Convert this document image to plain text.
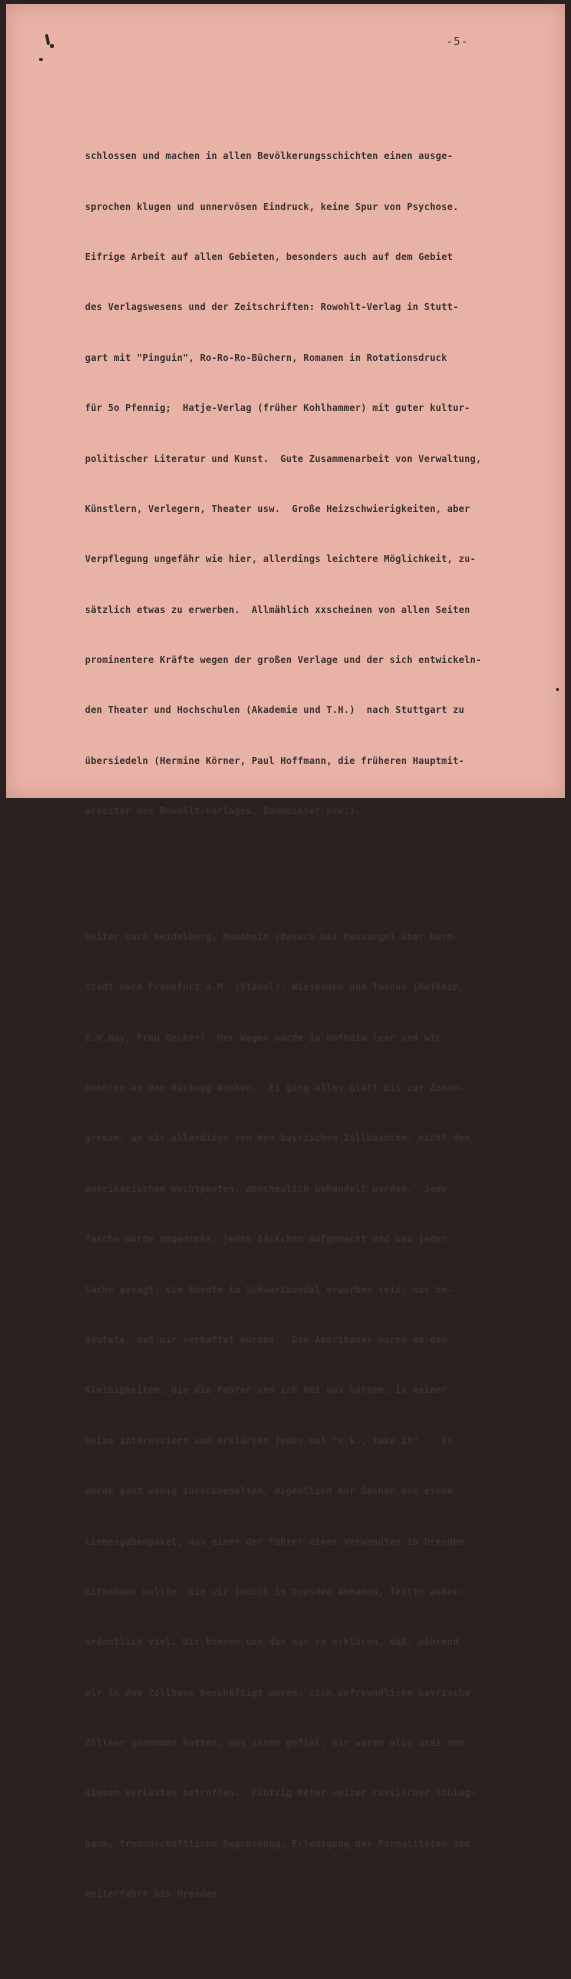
-5-

schlossen und machen in allen Bevölkerungsschichten einen ausge-

sprochen klugen und unnervösen Eindruck, keine Spur von Psychose.

Eifrige Arbeit auf allen Gebieten, besonders auch auf dem Gebiet

des Verlagswesens und der Zeitschriften: Rowohlt-Verlag in Stutt-

gart mit "Pinguin", Ro-Ro-Ro-Büchern, Romanen in Rotationsdruck

für 5o Pfennig;  Hatje-Verlag (früher Kohlhammer) mit guter kultur-

politischer Literatur und Kunst.  Gute Zusammenarbeit von Verwaltung,

Künstlern, Verlegern, Theater usw.  Große Heizschwierigkeiten, aber

Verpflegung ungefähr wie hier, allerdings leichtere Möglichkeit, zu-

sätzlich etwas zu erwerben.  Allmählich xxscheinen von allen Seiten

prominentere Kräfte wegen der großen Verlage und der sich entwickeln-

den Theater und Hochschulen (Akademie und T.H.)  nach Stuttgart zu

übersiedeln (Hermine Körner, Paul Hoffmann, die früheren Hauptmit-

arbeiter des Rowohlt-Verlages, Baumeister usw.).

Weiter nach Heidelberg, Mannheim (Besuch bei Passarge) über Darm-

stadt nach Frankfurt a.M. (Städel), Wiesbaden und Taunus (Hofheim,

E.W.Nay, Frau Becker)  Der Wagen wurde in Hofheim leer und wir

konnten an den Rückweg denken.  Es ging alles glatt bis zur Zonen-

grenze, wo wir allerdings von den bayrischen Zollbeamten, nicht den

amerikanischen Wachtposten, abscheulich behandelt wurden.  Jede

Tasche wurde umgedreht, jedes Säckchen aufgemacht und bei jeder

Sache gesagt, sie könnte im Schwarzhandel erworben sein, was be-

deutete, daß wir verhaftet würden.  Die Amerikaner waren an den

Kleinigkeiten, die die Fahrer und ich bei uns hatten, in keiner

Weise interessiert und erklärten jedes mal "o.k., take it" .  Es

wurde ganz wenig zurückbehalten, eigentlich nur Sachen aus einem

Liebesgabenpaket, das einer der Fahrer einer Verwandten in Dresden

mitnehmen wollte. Wie wir jedoch in Dresden ankamen, fehlte außer-

ordentlich viel. Wir können uns das nur so erklären, daß, während

wir in dem Zollhaus beschäftigt waren, sich unfreundliche bayrische

Zöllner genommen hatten, was ihnen gefiel. Wir waren alle drei von

diesen Verlusten betroffen.  Fünfzig Meter weiter russischer Schlag-

baum, freundschaftliche Begrüssung, Erledigung der Formalitäten und

Weiterfahrt bis Dresden.
